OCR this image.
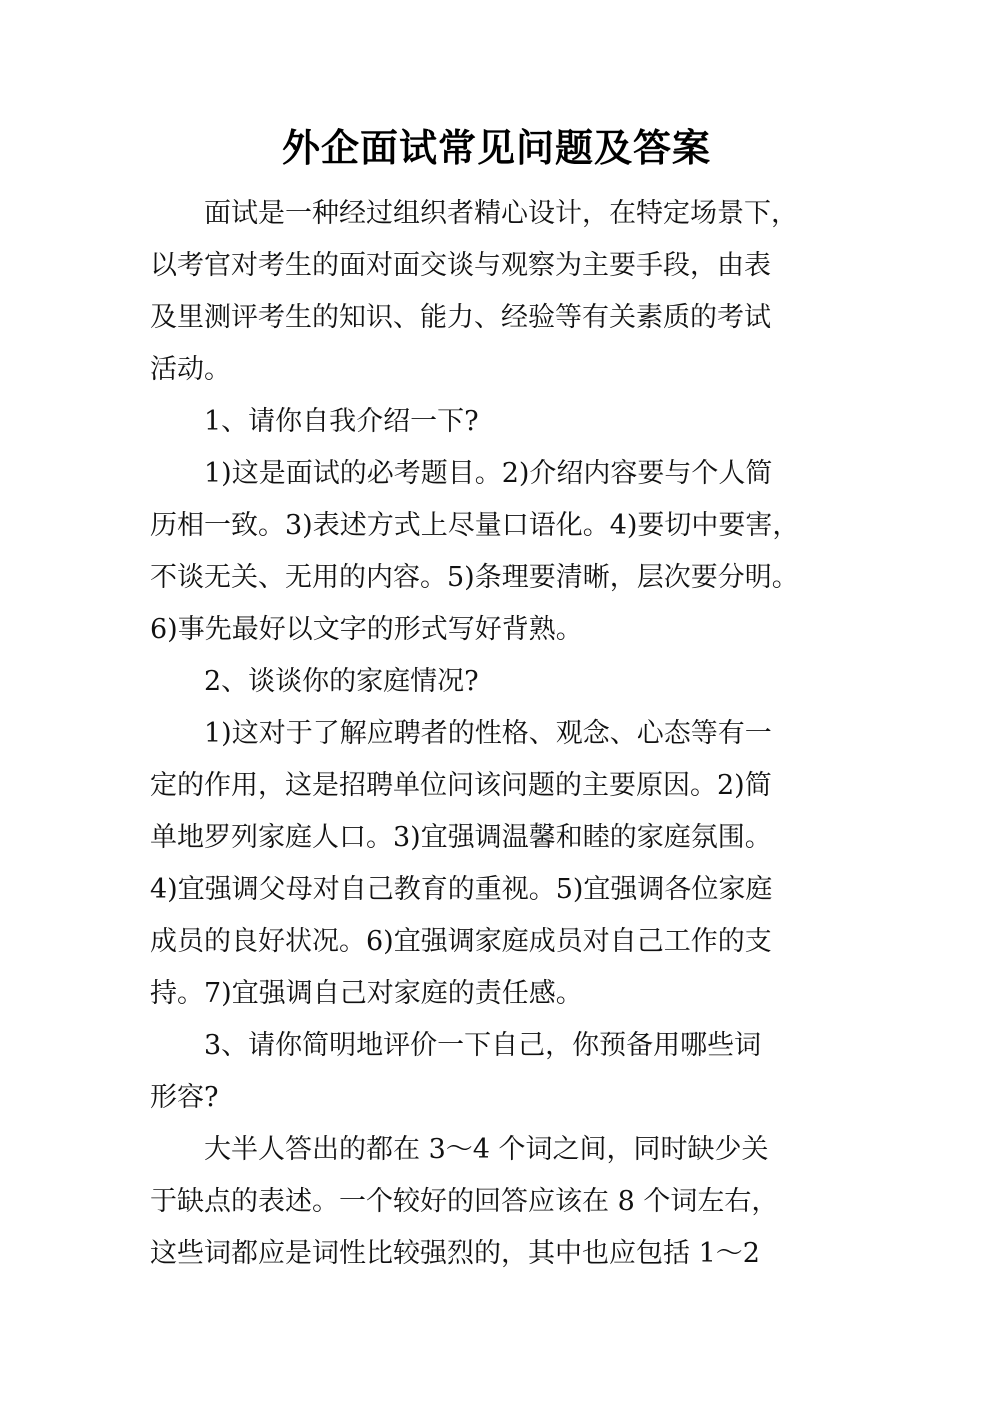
外企面试常见问题及答案
　　面试是一种经过组织者精心设计，在特定场景下，
以考官对考生的面对面交谈与观察为主要手段，由表
及里测评考生的知识、能力、经验等有关素质的考试
活动。
　　1、请你自我介绍一下?
　　1)这是面试的必考题目。2)介绍内容要与个人简
历相一致。3)表述方式上尽量口语化。4)要切中要害，
不谈无关、无用的内容。5)条理要清晰，层次要分明。
6)事先最好以文字的形式写好背熟。
　　2、谈谈你的家庭情况?
　　1)这对于了解应聘者的性格、观念、心态等有一
定的作用，这是招聘单位问该问题的主要原因。2)简
单地罗列家庭人口。3)宜强调温馨和睦的家庭氛围。
4)宜强调父母对自己教育的重视。5)宜强调各位家庭
成员的良好状况。6)宜强调家庭成员对自己工作的支
持。7)宜强调自己对家庭的责任感。
　　3、请你简明地评价一下自己，你预备用哪些词
形容?
　　大半人答出的都在 3～4 个词之间，同时缺少关
于缺点的表述。一个较好的回答应该在 8 个词左右，
这些词都应是词性比较强烈的，其中也应包括 1～2
